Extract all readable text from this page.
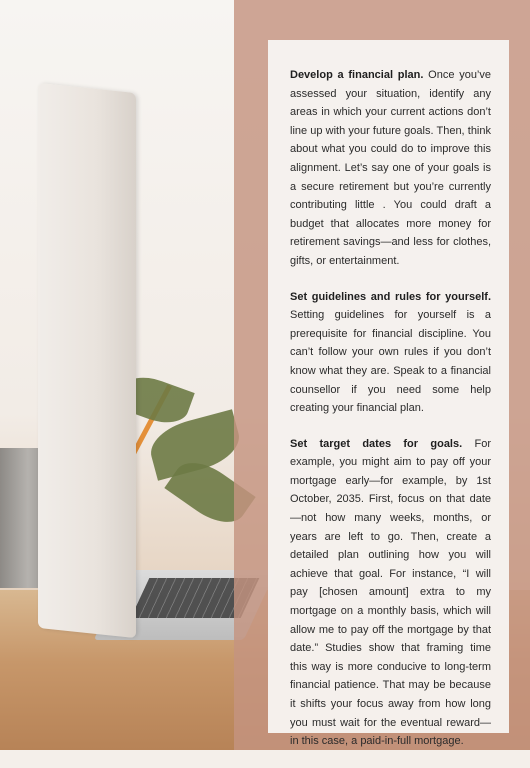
Develop a financial plan. Once you’ve assessed your situation, identify any areas in which your current actions don’t line up with your future goals. Then, think about what you could do to improve this alignment. Let’s say one of your goals is a secure retirement but you’re currently contributing little . You could draft a budget that allocates more money for retirement savings—and less for clothes, gifts, or entertainment.

Set guidelines and rules for yourself. Setting guidelines for yourself is a prerequisite for financial discipline. You can’t follow your own rules if you don’t know what they are. Speak to a financial counsellor if you need some help creating your financial plan.

Set target dates for goals. For example, you might aim to pay off your mortgage early—for example, by 1st October, 2035. First, focus on that date—not how many weeks, months, or years are left to go. Then, create a detailed plan outlining how you will achieve that goal. For instance, “I will pay [chosen amount] extra to my mortgage on a monthly basis, which will allow me to pay off the mortgage by that date.” Studies show that framing time this way is more conducive to long-term financial patience. That may be because it shifts your focus away from how long you must wait for the eventual reward—in this case, a paid-in-full mortgage.
